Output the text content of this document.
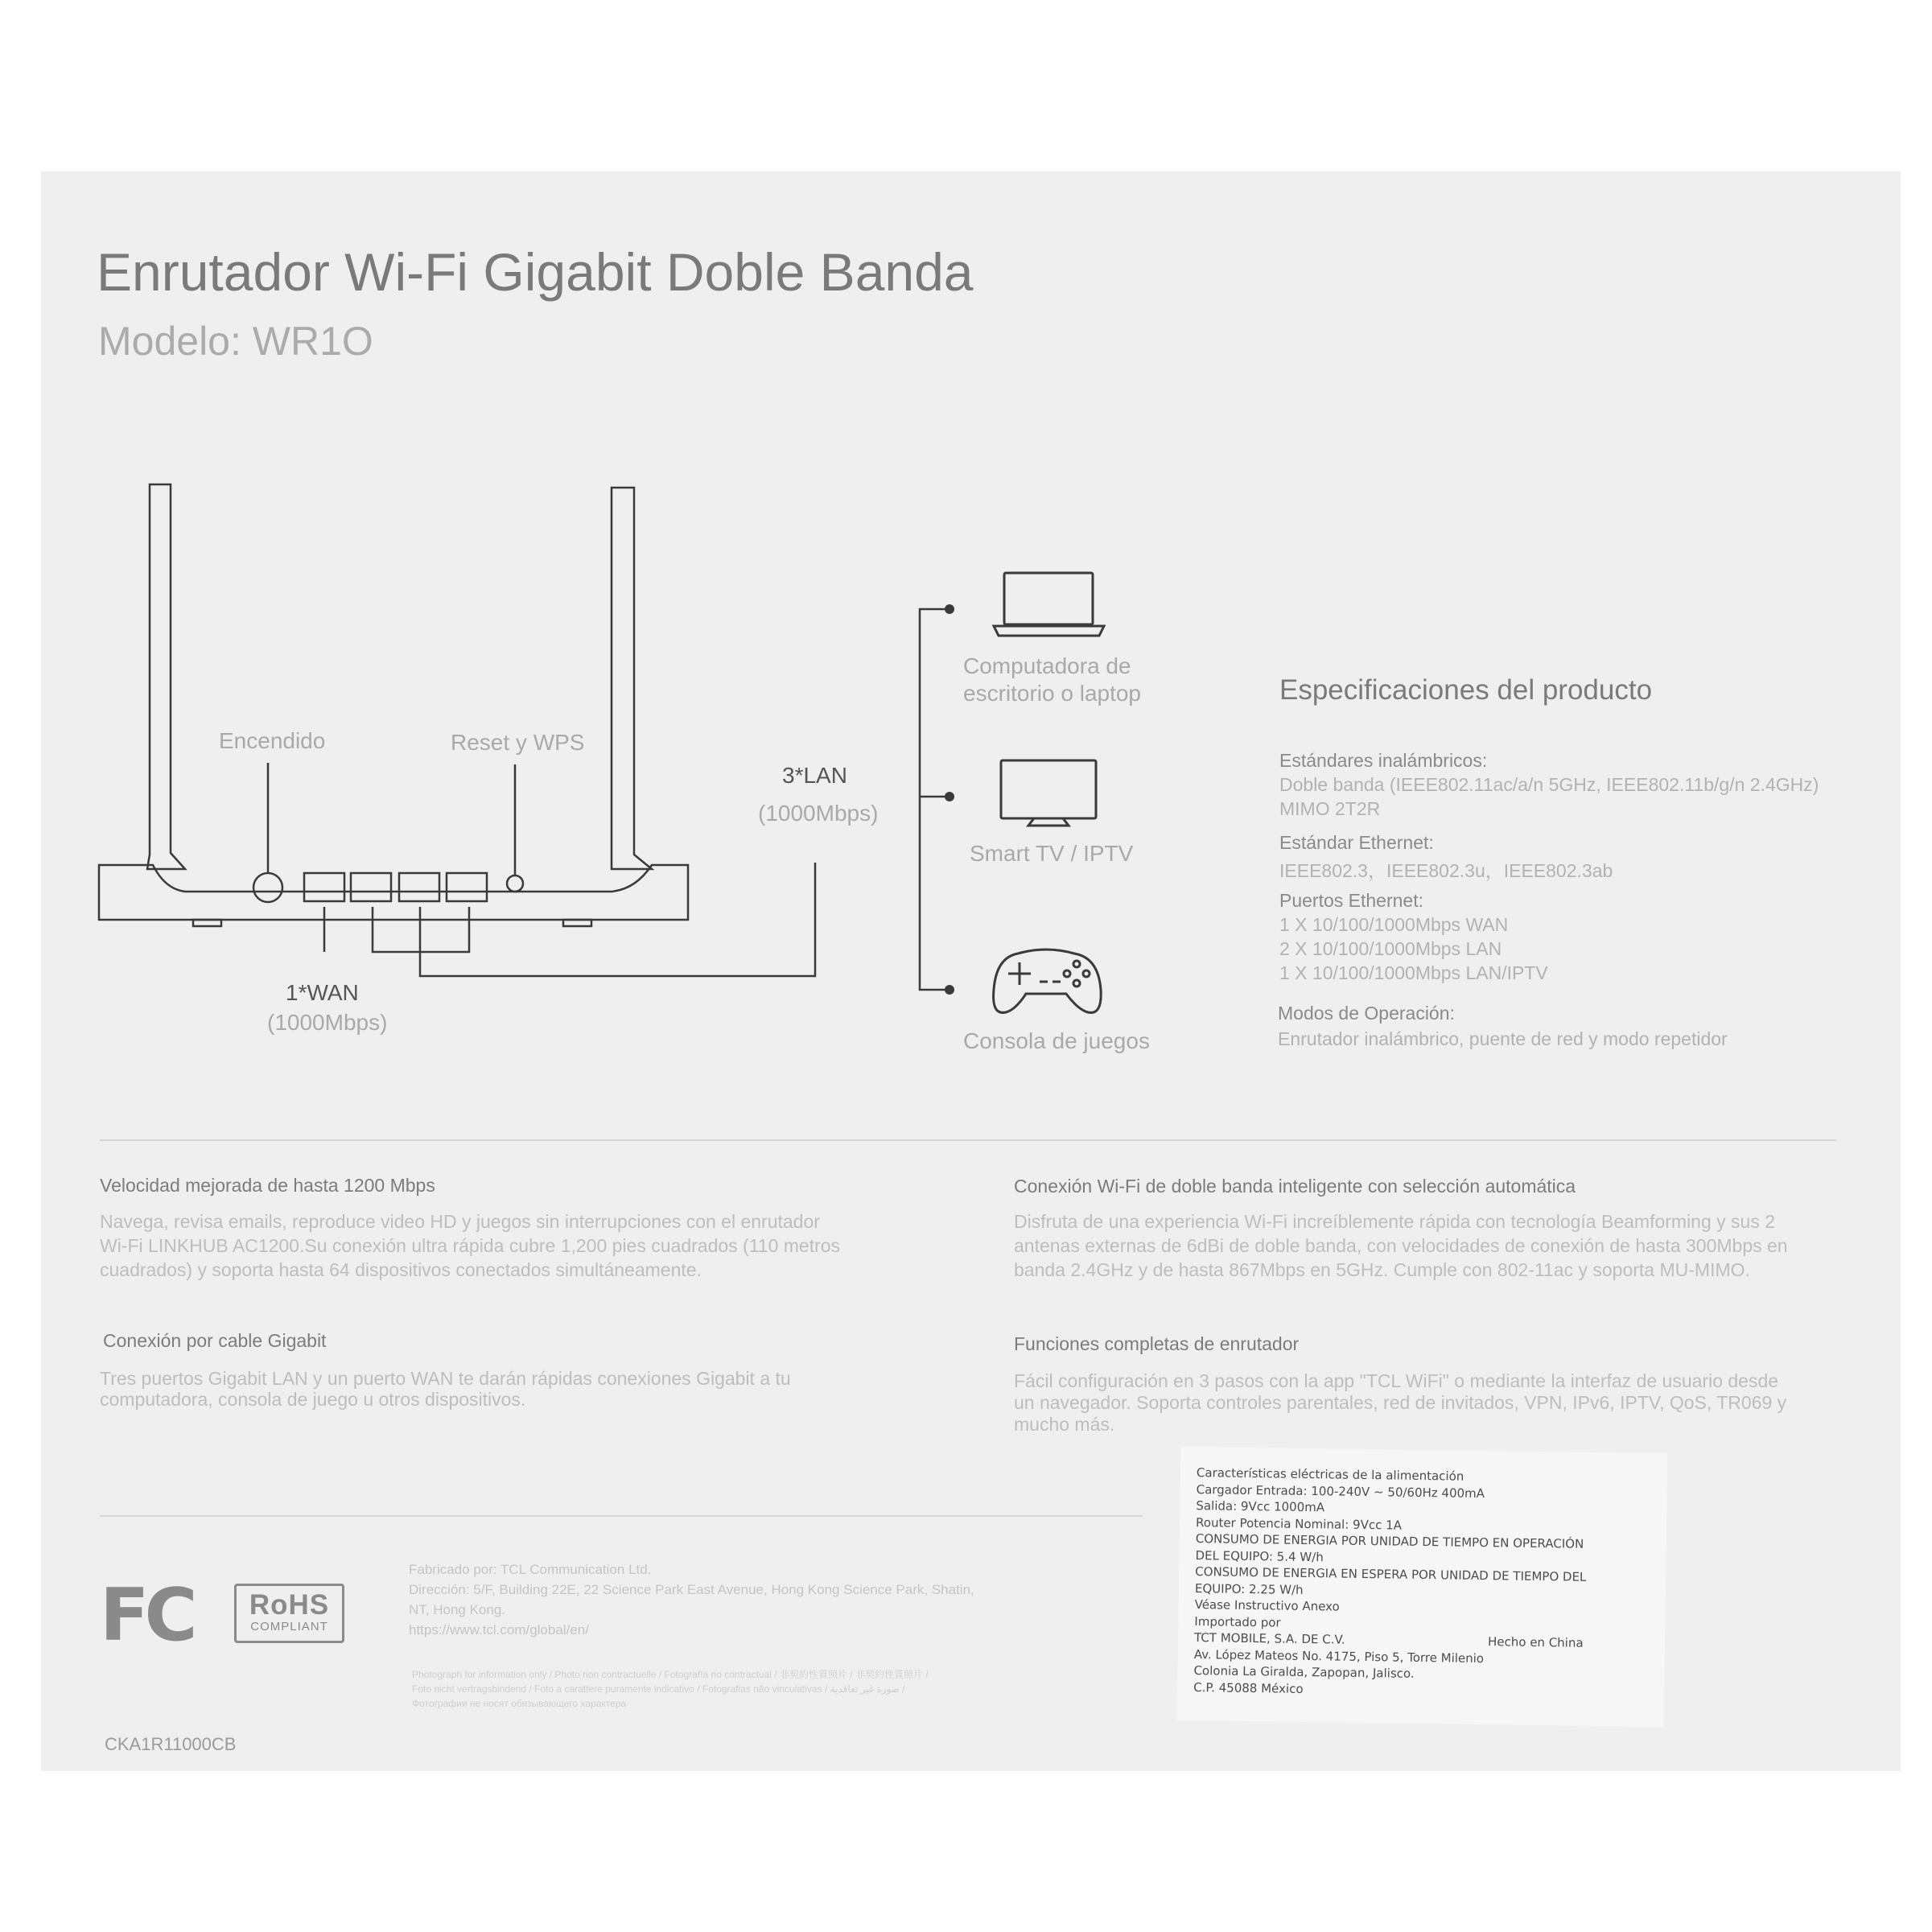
Enrutador Wi-Fi Gigabit Doble Banda

Modelo: WR1O

Encendido	Reset y WPS

1*WAN

(1000Mbps)

3*LAN

(1000Mbps)

Computadora de

escritorio o laptop

Smart TV / IPTV

Consola de juegos

Especificaciones del producto

Estándares inalámbricos:

Doble banda (IEEE802.11ac/a/n 5GHz, IEEE802.11b/g/n 2.4GHz)

MIMO 2T2R

Estándar Ethernet:

IEEE802.3，IEEE802.3u，IEEE802.3ab

Puertos Ethernet:

1 X 10/100/1000Mbps WAN

2 X 10/100/1000Mbps LAN

1 X 10/100/1000Mbps LAN/IPTV

Modos de Operación:

Enrutador inalámbrico, puente de red y modo repetidor

Velocidad mejorada de hasta 1200 Mbps

Navega, revisa emails, reproduce video HD y juegos sin interrupciones con el enrutador Wi-Fi LINKHUB AC1200.Su conexión ultra rápida cubre 1,200 pies cuadrados (110 metros cuadrados) y soporta hasta 64 dispositivos conectados simultáneamente.

Conexión Wi-Fi de doble banda inteligente con selección automática

Disfruta de una experiencia Wi-Fi increíblemente rápida con tecnología Beamforming y sus 2 antenas externas de 6dBi de doble banda, con velocidades de conexión de hasta 300Mbps en banda 2.4GHz y de hasta 867Mbps en 5GHz. Cumple con 802-11ac y soporta MU-MIMO.

Conexión por cable Gigabit

Tres puertos Gigabit LAN y un puerto WAN te darán rápidas conexiones Gigabit a tu computadora, consola de juego u otros dispositivos.

Funciones completas de enrutador

Fácil configuración en 3 pasos con la app "TCL WiFi" o mediante la interfaz de usuario desde un navegador. Soporta controles parentales, red de invitados, VPN, IPv6, IPTV, QoS, TR069 y mucho más.

FC	RoHS
COMPLIANT

Fabricado por: TCL Communication Ltd.

Dirección: 5/F, Building 22E, 22 Science Park East Avenue, Hong Kong Science Park, Shatin, NT, Hong Kong.

https://www.tcl.com/global/en/

Photograph for information only / Photo non contractuelle / Fotografía no contractual / 非契約性質照片 / 非契約性質照片 / Foto nicht vertragsbindend / Foto a carattere puramente indicativo / Fotografias não vinculativas / صورة غير تعاقدية / Фотографии не носят обязывающего характера

CKA1R11000CB

Características eléctricas de la alimentación

Cargador Entrada: 100-240V ~ 50/60Hz 400mA

Salida: 9Vcc 1000mA

Router Potencia Nominal: 9Vcc 1A

CONSUMO DE ENERGIA POR UNIDAD DE TIEMPO EN OPERACIÓN

DEL EQUIPO: 5.4 W/h

CONSUMO DE ENERGIA EN ESPERA POR UNIDAD DE TIEMPO DEL

EQUIPO: 2.25 W/h

Véase Instructivo Anexo

Importado por

TCT MOBILE, S.A. DE C.V.

Av. López Mateos No. 4175, Piso 5, Torre Milenio

Colonia La Giralda, Zapopan, Jalisco.

C.P. 45088 México

Hecho en China
